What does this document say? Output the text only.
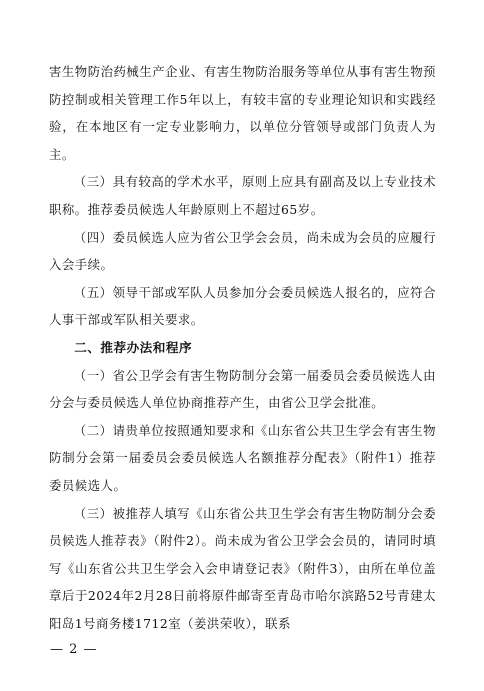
害生物防治药械生产企业、有害生物防治服务等单位从事有害生物预防控制或相关管理工作5年以上，有较丰富的专业理论知识和实践经验，在本地区有一定专业影响力，以单位分管领导或部门负责人为主。

（三）具有较高的学术水平，原则上应具有副高及以上专业技术职称。推荐委员候选人年龄原则上不超过65岁。

（四）委员候选人应为省公卫学会会员，尚未成为会员的应履行入会手续。

（五）领导干部或军队人员参加分会委员候选人报名的，应符合人事干部或军队相关要求。

二、推荐办法和程序

（一）省公卫学会有害生物防制分会第一届委员会委员候选人由分会与委员候选人单位协商推荐产生，由省公卫学会批准。

（二）请贵单位按照通知要求和《山东省公共卫生学会有害生物防制分会第一届委员会委员候选人名额推荐分配表》（附件1）推荐委员候选人。

（三）被推荐人填写《山东省公共卫生学会有害生物防制分会委员候选人推荐表》（附件2）。尚未成为省公卫学会会员的，请同时填写《山东省公共卫生学会入会申请登记表》（附件3），由所在单位盖章后于2024年2月28日前将原件邮寄至青岛市哈尔滨路52号青建太阳岛1号商务楼1712室（姜洪荣收），联系

— 2 —
